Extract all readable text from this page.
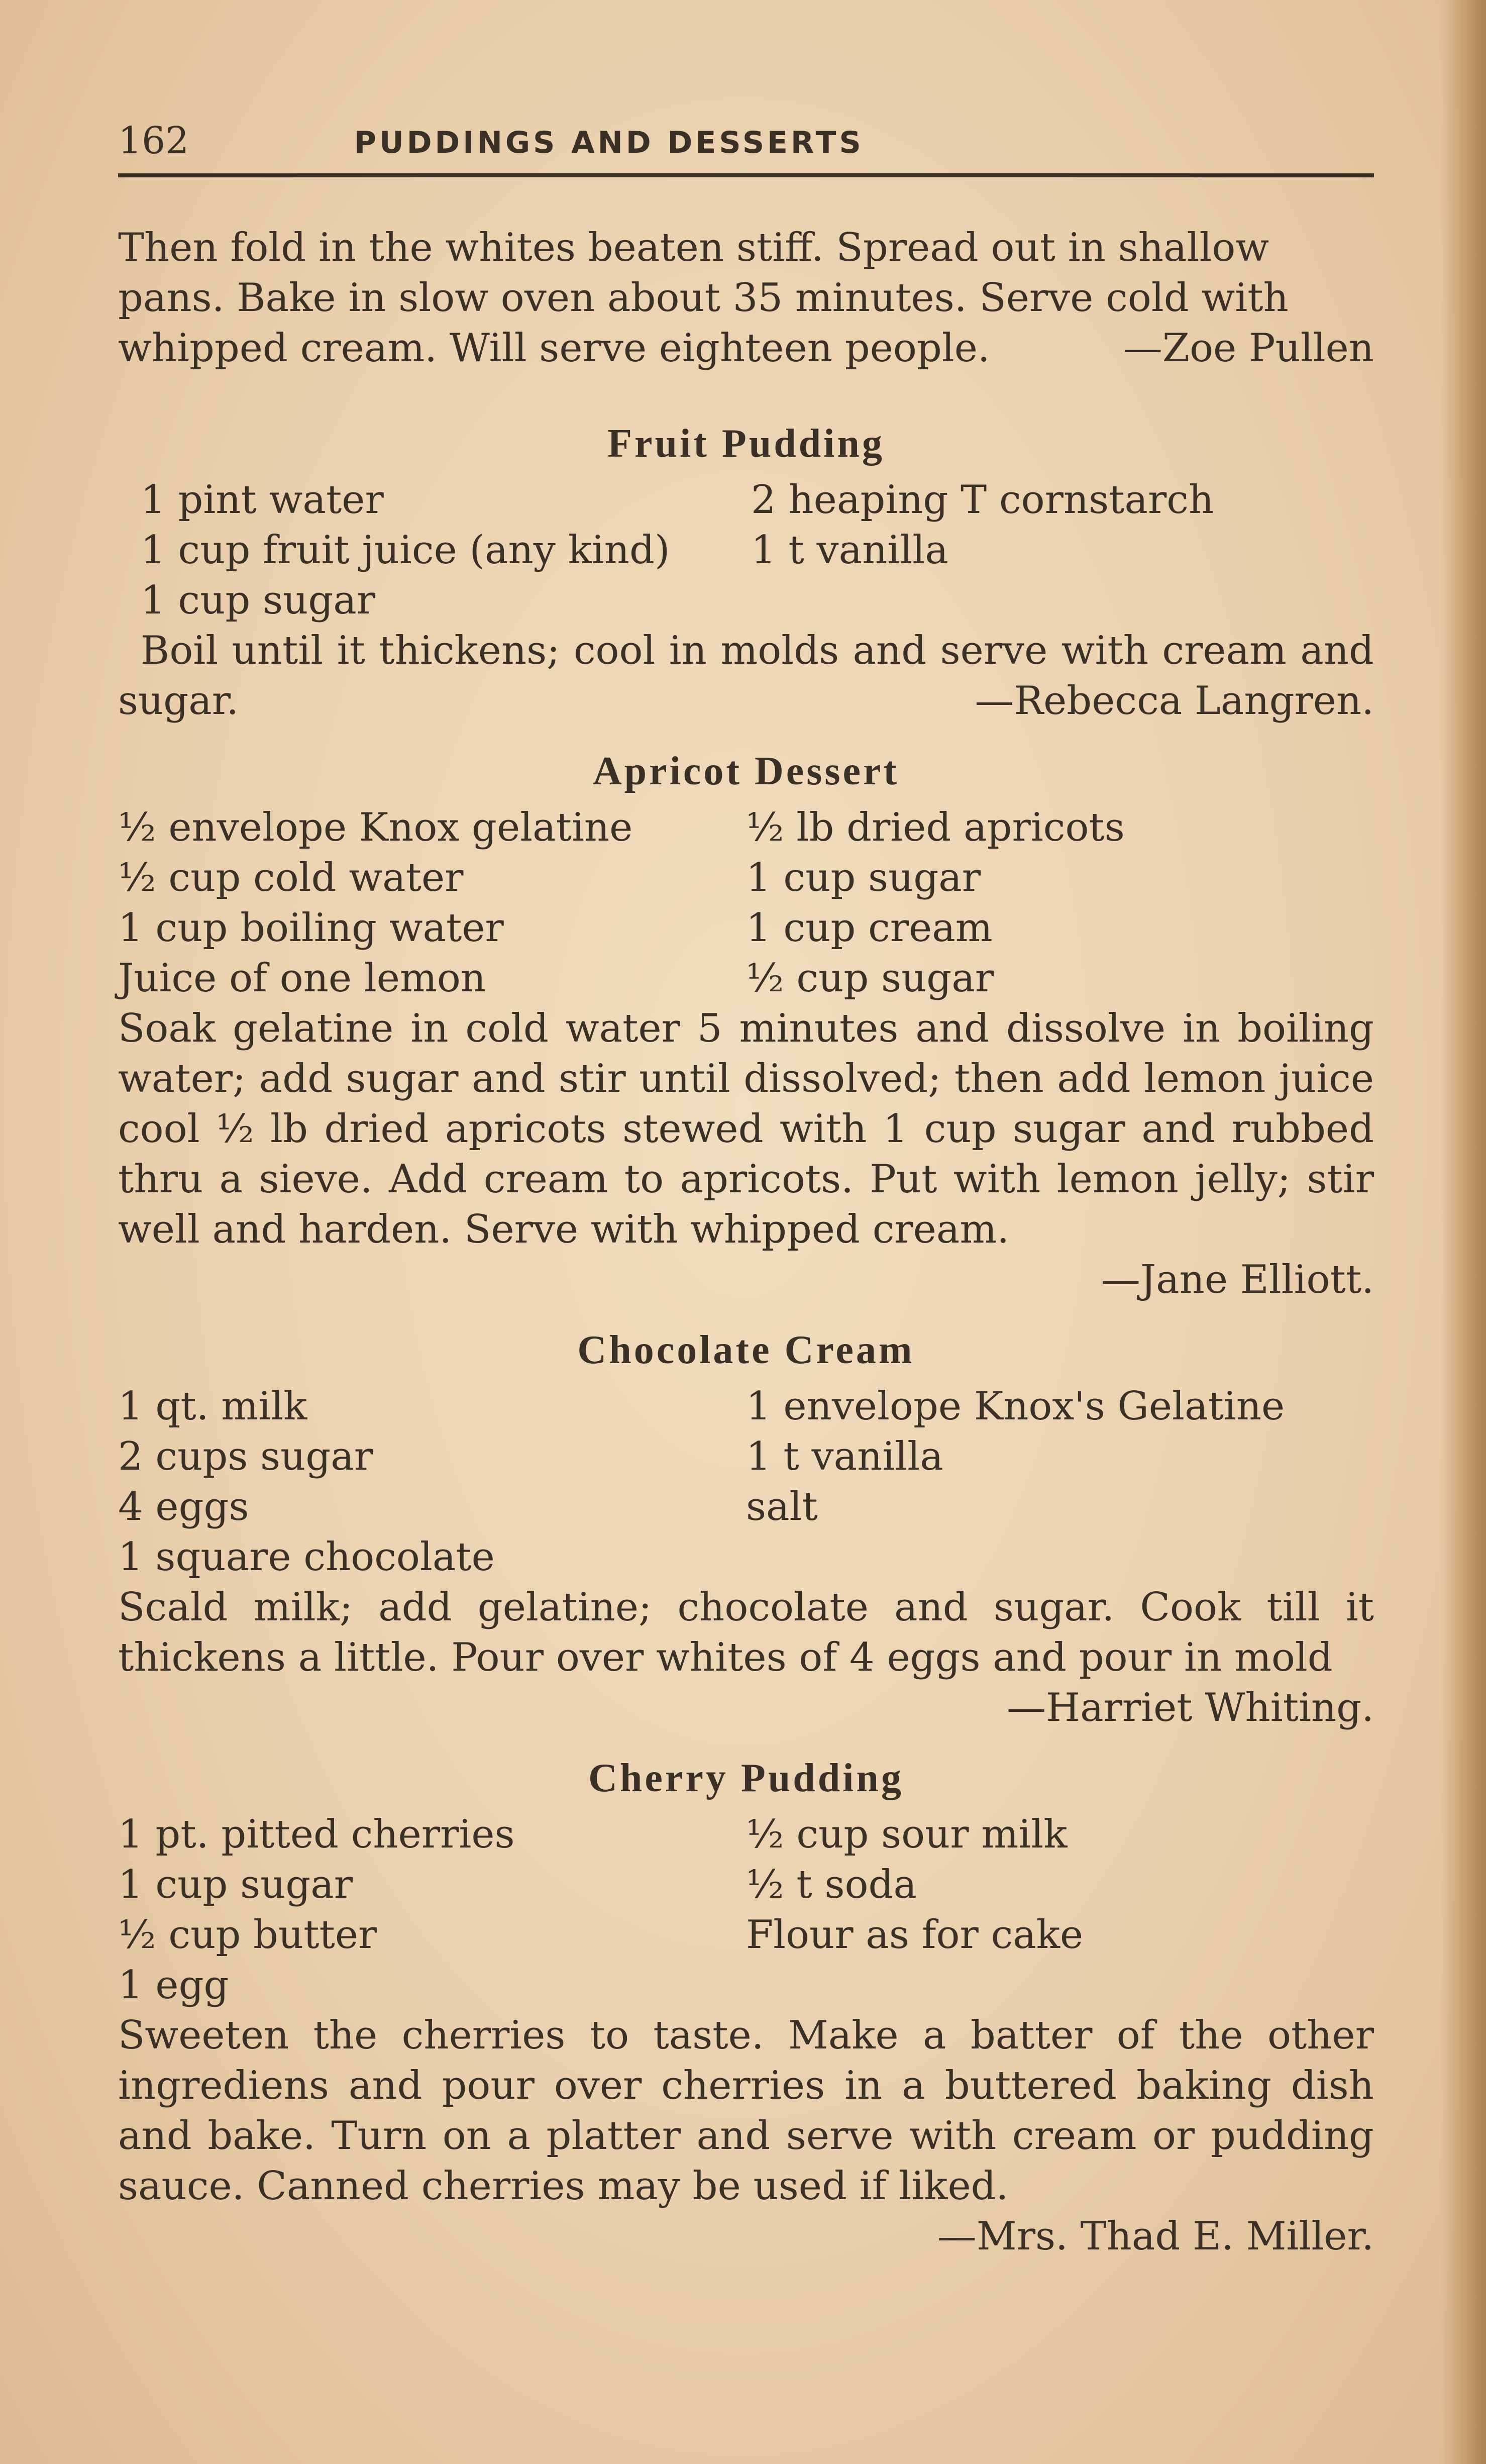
162	PUDDINGS AND DESSERTS
Then fold in the whites beaten stiff. Spread out in shallow
pans. Bake in slow oven about 35 minutes. Serve cold with
whipped cream. Will serve eighteen people.	—Zoe Pullen
Fruit Pudding
1 pint water	2 heaping T cornstarch
1 cup fruit juice (any kind)	1 t vanilla
1 cup sugar
Boil until it thickens; cool in molds and serve with cream and sugar.	—Rebecca Langren.
Apricot Dessert
½ envelope Knox gelatine	½ lb dried apricots
½ cup cold water	1 cup sugar
1 cup boiling water	1 cup cream
Juice of one lemon	½ cup sugar
Soak gelatine in cold water 5 minutes and dissolve in boiling water; add sugar and stir until dissolved; then add lemon juice cool ½ lb dried apricots stewed with 1 cup sugar and rubbed thru a sieve. Add cream to apricots. Put with lemon jelly; stir well and harden. Serve with whipped cream.
—Jane Elliott.
Chocolate Cream
1 qt. milk	1 envelope Knox's Gelatine
2 cups sugar	1 t vanilla
4 eggs	salt
1 square chocolate
Scald milk; add gelatine; chocolate and sugar. Cook till it thickens a little. Pour over whites of 4 eggs and pour in mold
—Harriet Whiting.
Cherry Pudding
1 pt. pitted cherries	½ cup sour milk
1 cup sugar	½ t soda
½ cup butter	Flour as for cake
1 egg
Sweeten the cherries to taste. Make a batter of the other ingrediens and pour over cherries in a buttered baking dish and bake. Turn on a platter and serve with cream or pudding sauce. Canned cherries may be used if liked.
—Mrs. Thad E. Miller.
